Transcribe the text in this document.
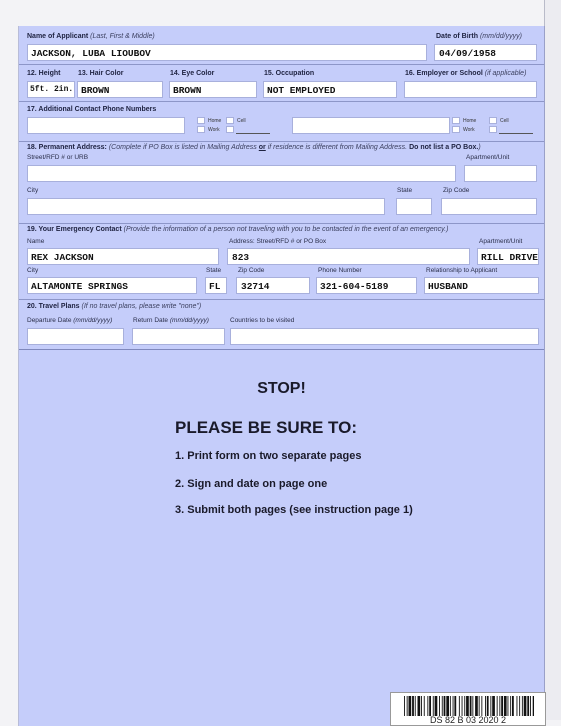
Name of Applicant (Last, First & Middle)
JACKSON, LUBA LIOUBOV
Date of Birth (mm/dd/yyyy)
04/09/1958
12. Height
5ft. 2in.
13. Hair Color
BROWN
14. Eye Color
BROWN
15. Occupation
NOT EMPLOYED
16. Employer or School (if applicable)
17. Additional Contact Phone Numbers
Home
Work
Cell	Home
Work
Cell
18. Permanent Address: (Complete if PO Box is listed in Mailing Address or if residence is different from Mailing Address. Do not list a PO Box.)
Street/RFD # or URB	Apartment/Unit
City	State	Zip Code
19. Your Emergency Contact (Provide the information of a person not traveling with you to be contacted in the event of an emergency.)
Name
REX JACKSON
Address: Street/RFD # or PO Box
823
Apartment/Unit
RILL DRIVE
City
ALTAMONTE SPRINGS
State
FL
Zip Code
32714
Phone Number
321-604-5189
Relationship to Applicant
HUSBAND
20. Travel Plans (If no travel plans, please write "none")
Departure Date (mm/dd/yyyy)	Return Date (mm/dd/yyyy)	Countries to be visited
STOP!
PLEASE BE SURE TO:
1. Print form on two separate pages
2. Sign and date on page one
3. Submit both pages (see instruction page 1)
DS 82 B 03 2020 2
